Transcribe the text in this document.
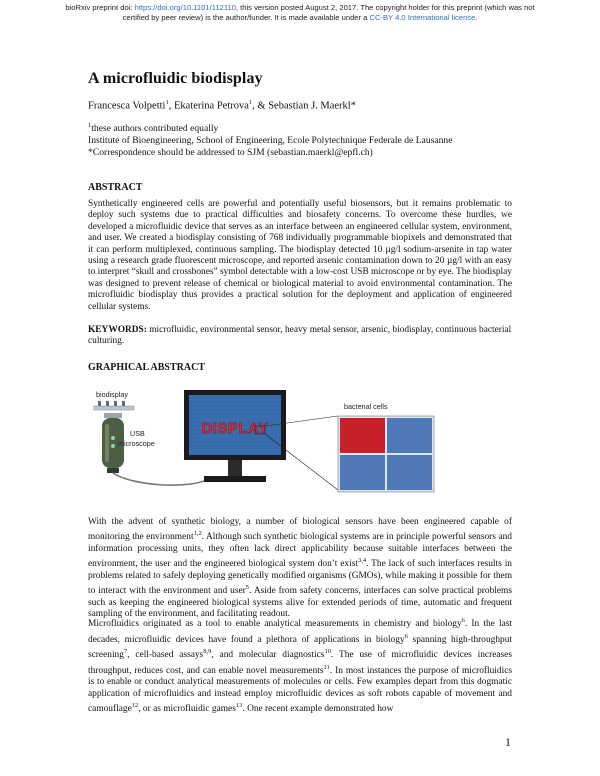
bioRxiv preprint doi: https://doi.org/10.1101/112110, this version posted August 2, 2017. The copyright holder for this preprint (which was not
certified by peer review) is the author/funder. It is made available under a CC-BY 4.0 International license.
A microfluidic biodisplay
Francesca Volpetti$^1$, Ekaterina Petrova$^1$, & Sebastian J. Maerkl*
$^1$these authors contributed equally
Institute of Bioengineering, School of Engineering, Ecole Polytechnique Federale de Lausanne
*Correspondence should be addressed to SJM (sebastian.maerkl@epfl.ch)
ABSTRACT
Synthetically engineered cells are powerful and potentially useful biosensors, but it remains problematic to deploy such systems due to practical difficulties and biosafety concerns. To overcome these hurdles, we developed a microfluidic device that serves as an interface between an engineered cellular system, environment, and user. We created a biodisplay consisting of 768 individually programmable biopixels and demonstrated that it can perform multiplexed, continuous sampling. The biodisplay detected 10 µg/l sodium-arsenite in tap water using a research grade fluorescent microscope, and reported arsenic contamination down to 20 µg/l with an easy to interpret “skull and crossbones” symbol detectable with a low-cost USB microscope or by eye. The biodisplay was designed to prevent release of chemical or biological material to avoid environmental contamination. The microfluidic biodisplay thus provides a practical solution for the deployment and application of engineered cellular systems.
KEYWORDS: microfluidic, environmental sensor, heavy metal sensor, arsenic, biodisplay, continuous bacterial culturing.
GRAPHICAL ABSTRACT
biodisplay
USB
microscope
DISPLAY
bacterial cells

With the advent of synthetic biology, a number of biological sensors have been engineered capable of monitoring the environment$^{1,2}$. Although such synthetic biological systems are in principle powerful sensors and information processing units, they often lack direct applicability because suitable interfaces between the environment, the user and the engineered biological system don’t exist$^{3,4}$. The lack of such interfaces results in problems related to safely deploying genetically modified organisms (GMOs), while making it possible for them to interact with the environment and user$^5$. Aside from safety concerns, interfaces can solve practical problems such as keeping the engineered biological systems alive for extended periods of time, automatic and frequent sampling of the environment, and facilitating readout.

Microfluidics originated as a tool to enable analytical measurements in chemistry and biology$^6$. In the last decades, microfluidic devices have found a plethora of applications in biology$^6$ spanning high-throughput screening$^7$, cell-based assays$^{8,9}$, and molecular diagnostics$^{10}$. The use of microfluidic devices increases throughput, reduces cost, and can enable novel measurements$^{11}$. In most instances the purpose of microfluidics is to enable or conduct analytical measurements of molecules or cells. Few examples depart from this dogmatic application of microfluidics and instead employ microfluidic devices as soft robots capable of movement and camouflage$^{12}$, or as microfluidic games$^{13}$. One recent example demonstrated how

1
